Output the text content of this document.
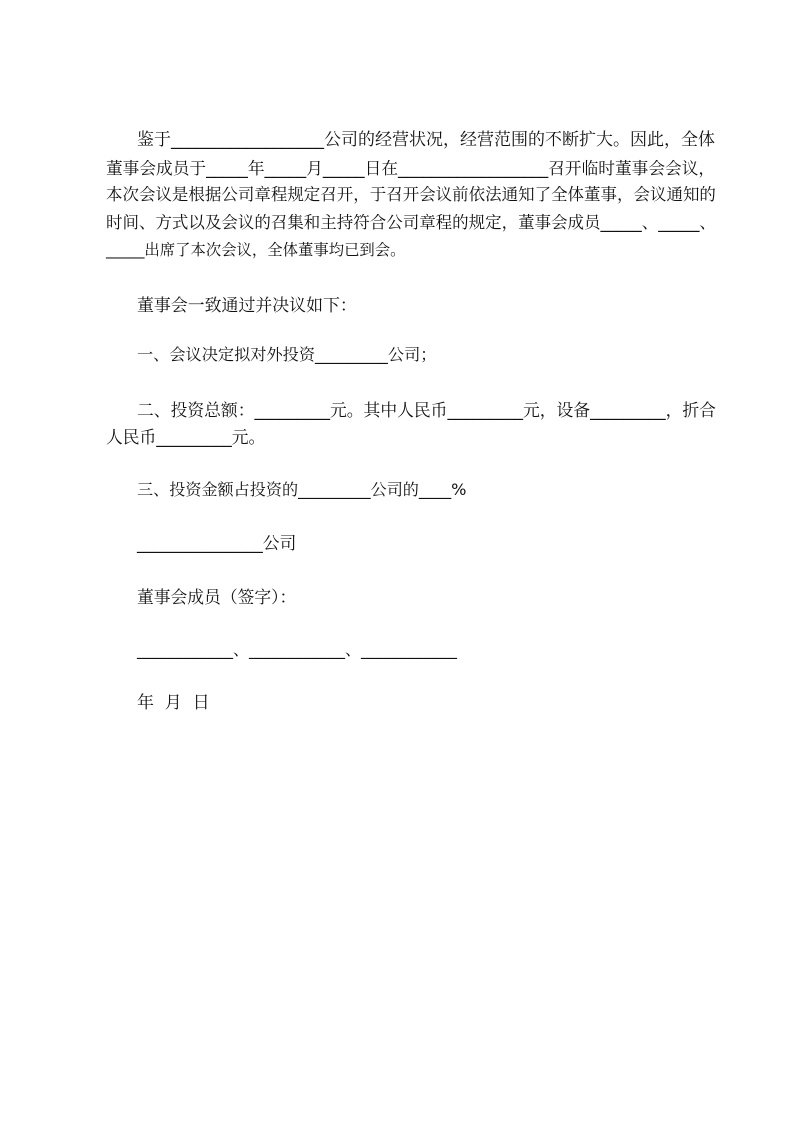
鉴于__________________公司的经营状况，经营范围的不断扩大。因此，全体
董事会成员于_____年_____月_____日在__________________召开临时董事会会议，
本次会议是根据公司章程规定召开，于召开会议前依法通知了全体董事，会议通知的
时间、方式以及会议的召集和主持符合公司章程的规定，董事会成员_____、_____、
_____出席了本次会议，全体董事均已到会。
董事会一致通过并决议如下：
一、会议决定拟对外投资_________公司；
二、投资总额：_________元。其中人民币_________元，设备_________，折合
人民币_________元。
三、投资金额占投资的_________公司的____%
_______________公司
董事会成员（签字）：
____________、____________、____________
年  月  日
